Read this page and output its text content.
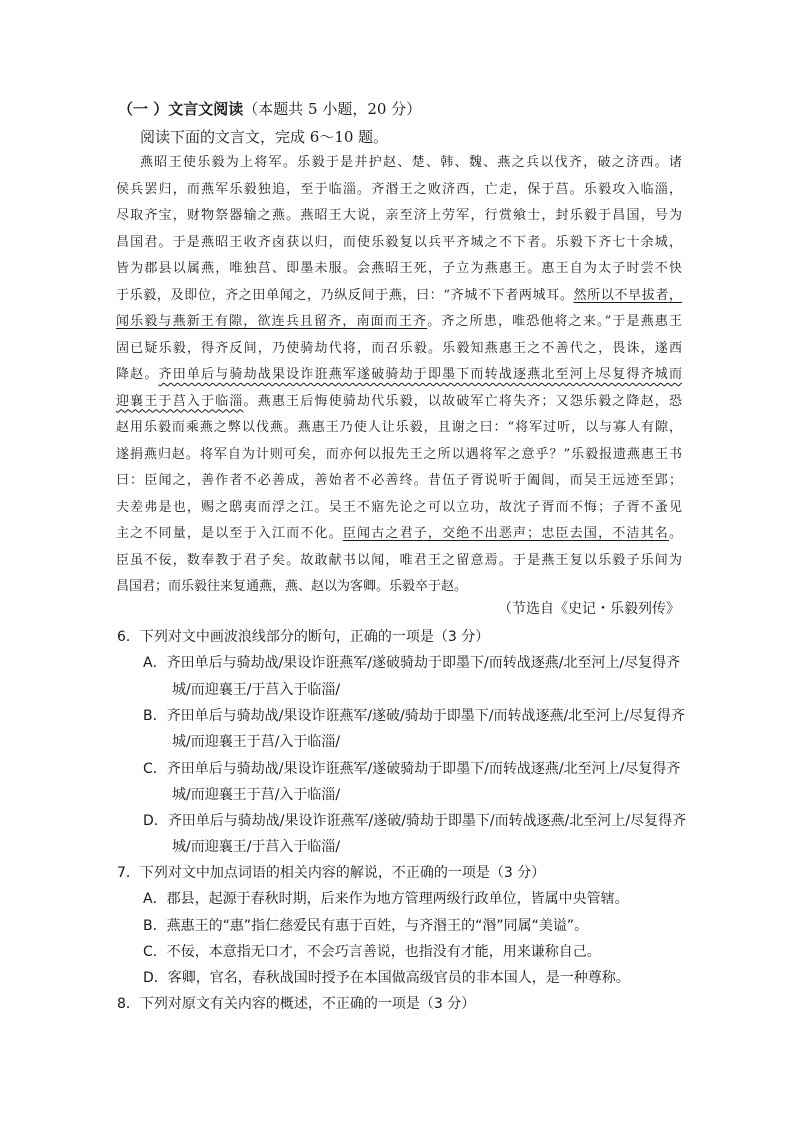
（一 ）文言文阅读（本题共 5 小题，20 分）
阅读下面的文言文，完成 6～10 题。
燕昭王使乐毅为上将军。乐毅于是并护赵、楚、韩、魏、燕之兵以伐齐，破之济西。诸
侯兵罢归，而燕军乐毅独追，至于临淄。齐湣王之败济西，亡走，保于莒。乐毅攻入临淄，
尽取齐宝，财物祭器输之燕。燕昭王大说，亲至济上劳军，行赏飨士，封乐毅于昌国，号为
昌国君。于是燕昭王收齐卤获以归，而使乐毅复以兵平齐城之不下者。乐毅下齐七十余城，
皆为郡县以属燕，唯独莒、即墨未服。会燕昭王死，子立为燕惠王。惠王自为太子时尝不快
于乐毅，及即位，齐之田单闻之，乃纵反间于燕，曰：“齐城不下者两城耳。然所以不早拔者，
闻乐毅与燕新王有隙，欲连兵且留齐，南面而王齐。齐之所患，唯恐他将之来。”于是燕惠王
固已疑乐毅，得齐反间，乃使骑劫代将，而召乐毅。乐毅知燕惠王之不善代之，畏诛，遂西
降赵。齐田单后与骑劫战果设诈诳燕军遂破骑劫于即墨下而转战逐燕北至河上尽复得齐城而
迎襄王于莒入于临淄。燕惠王后悔使骑劫代乐毅，以故破军亡将失齐；又怨乐毅之降赵，恐
赵用乐毅而乘燕之弊以伐燕。燕惠王乃使人让乐毅，且谢之曰：“将军过听，以与寡人有隙，
遂捐燕归赵。将军自为计则可矣，而亦何以报先王之所以遇将军之意乎？”乐毅报遗燕惠王书
曰：臣闻之，善作者不必善成，善始者不必善终。昔伍子胥说听于阖闾，而吴王远迹至郢；
夫差弗是也，赐之鸱夷而浮之江。吴王不寤先论之可以立功，故沈子胥而不悔；子胥不蚤见
主之不同量，是以至于入江而不化。臣闻古之君子，交绝不出恶声；忠臣去国，不洁其名。
臣虽不佞，数奉教于君子矣。故敢献书以闻，唯君王之留意焉。于是燕王复以乐毅子乐间为
昌国君；而乐毅往来复通燕，燕、赵以为客卿。乐毅卒于赵。
（节选自《史记・乐毅列传》
6．下列对文中画波浪线部分的断句，正确的一项是（3 分）
A．齐田单后与骑劫战/果设诈诳燕军/遂破骑劫于即墨下/而转战逐燕/北至河上/尽复得齐
城/而迎襄王/于莒入于临淄/
B．齐田单后与骑劫战/果设诈诳燕军/遂破/骑劫于即墨下/而转战逐燕/北至河上/尽复得齐
城/而迎襄王于莒/入于临淄/
C．齐田单后与骑劫战/果设诈诳燕军/遂破骑劫于即墨下/而转战逐燕/北至河上/尽复得齐
城/而迎襄王于莒/入于临淄/
D．齐田单后与骑劫战/果设诈诳燕军/遂破/骑劫于即墨下/而转战逐燕/北至河上/尽复得齐
城/而迎襄王/于莒入于临淄/
7．下列对文中加点词语的相关内容的解说，不正确的一项是（3 分）
A．郡县，起源于春秋时期，后来作为地方管理两级行政单位，皆属中央管辖。
B．燕惠王的“惠”指仁慈爱民有惠于百姓，与齐湣王的“湣”同属“美谥”。
C．不佞，本意指无口才，不会巧言善说，也指没有才能，用来谦称自己。
D．客卿，官名，春秋战国时授予在本国做高级官员的非本国人，是一种尊称。
8．下列对原文有关内容的概述，不正确的一项是（3 分）
